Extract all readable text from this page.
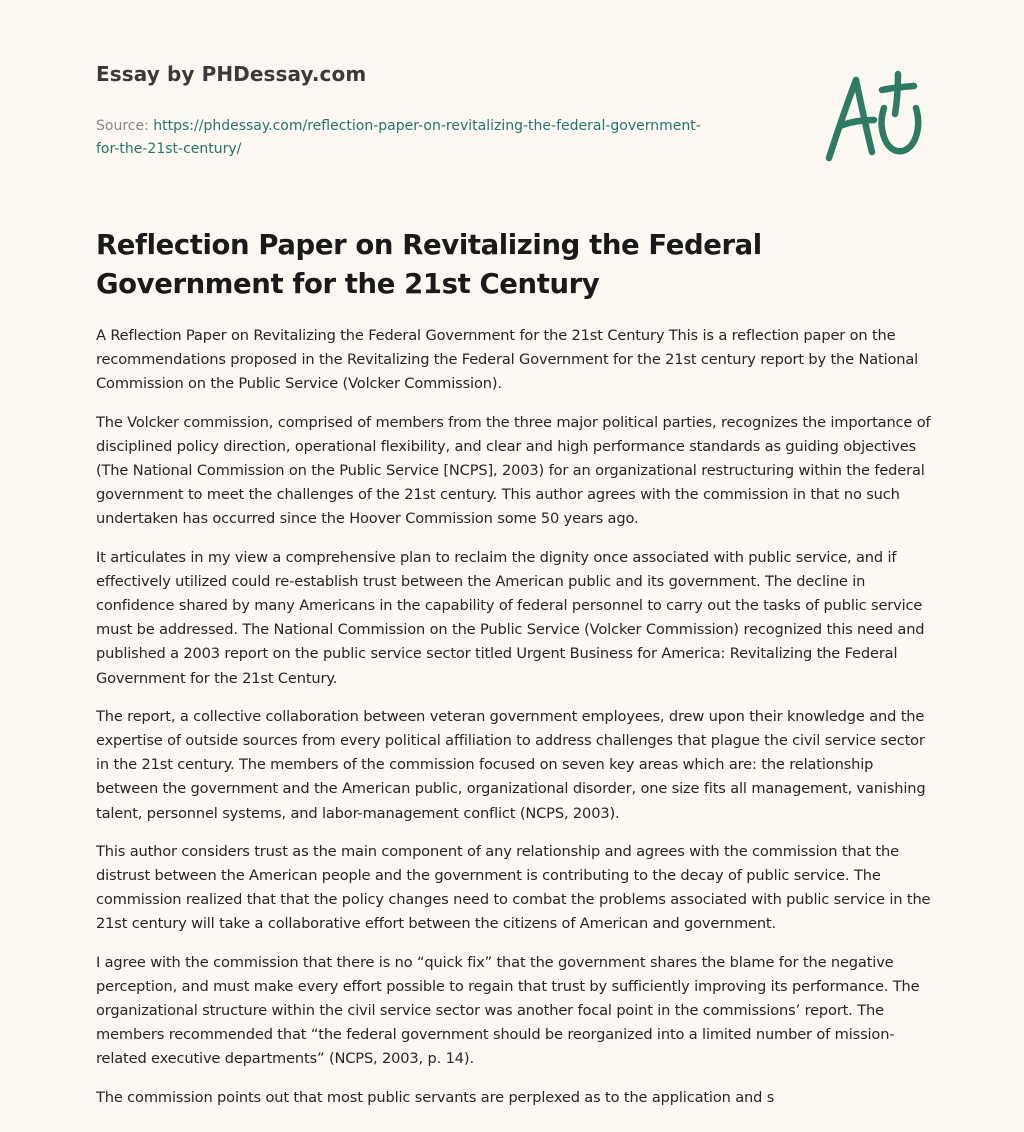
Essay by PHDessay.com
Source: https://phdessay.com/reflection-paper-on-revitalizing-the-federal-government-
for-the-21st-century/
Reflection Paper on Revitalizing the Federal Government for the 21st Century

A Reflection Paper on Revitalizing the Federal Government for the 21st Century This is a reflection paper on the recommendations proposed in the Revitalizing the Federal Government for the 21st century report by the National Commission on the Public Service (Volcker Commission).

The Volcker commission, comprised of members from the three major political parties, recognizes the importance of disciplined policy direction, operational flexibility, and clear and high performance standards as guiding objectives (The National Commission on the Public Service [NCPS], 2003) for an organizational restructuring within the federal government to meet the challenges of the 21st century. This author agrees with the commission in that no such undertaken has occurred since the Hoover Commission some 50 years ago.

It articulates in my view a comprehensive plan to reclaim the dignity once associated with public service, and if effectively utilized could re-establish trust between the American public and its government. The decline in confidence shared by many Americans in the capability of federal personnel to carry out the tasks of public service must be addressed. The National Commission on the Public Service (Volcker Commission) recognized this need and published a 2003 report on the public service sector titled Urgent Business for America: Revitalizing the Federal Government for the 21st Century.

The report, a collective collaboration between veteran government employees, drew upon their knowledge and the expertise of outside sources from every political affiliation to address challenges that plague the civil service sector in the 21st century. The members of the commission focused on seven key areas which are: the relationship between the government and the American public, organizational disorder, one size fits all management, vanishing talent, personnel systems, and labor-management conflict (NCPS, 2003).

This author considers trust as the main component of any relationship and agrees with the commission that the distrust between the American people and the government is contributing to the decay of public service. The commission realized that that the policy changes need to combat the problems associated with public service in the 21st century will take a collaborative effort between the citizens of American and government.

I agree with the commission that there is no “quick fix” that the government shares the blame for the negative perception, and must make every effort possible to regain that trust by sufficiently improving its performance. The organizational structure within the civil service sector was another focal point in the commissions’ report. The members recommended that “the federal government should be reorganized into a limited number of mission-related executive departments” (NCPS, 2003, p. 14).

The commission points out that most public servants are perplexed as to the application and s
